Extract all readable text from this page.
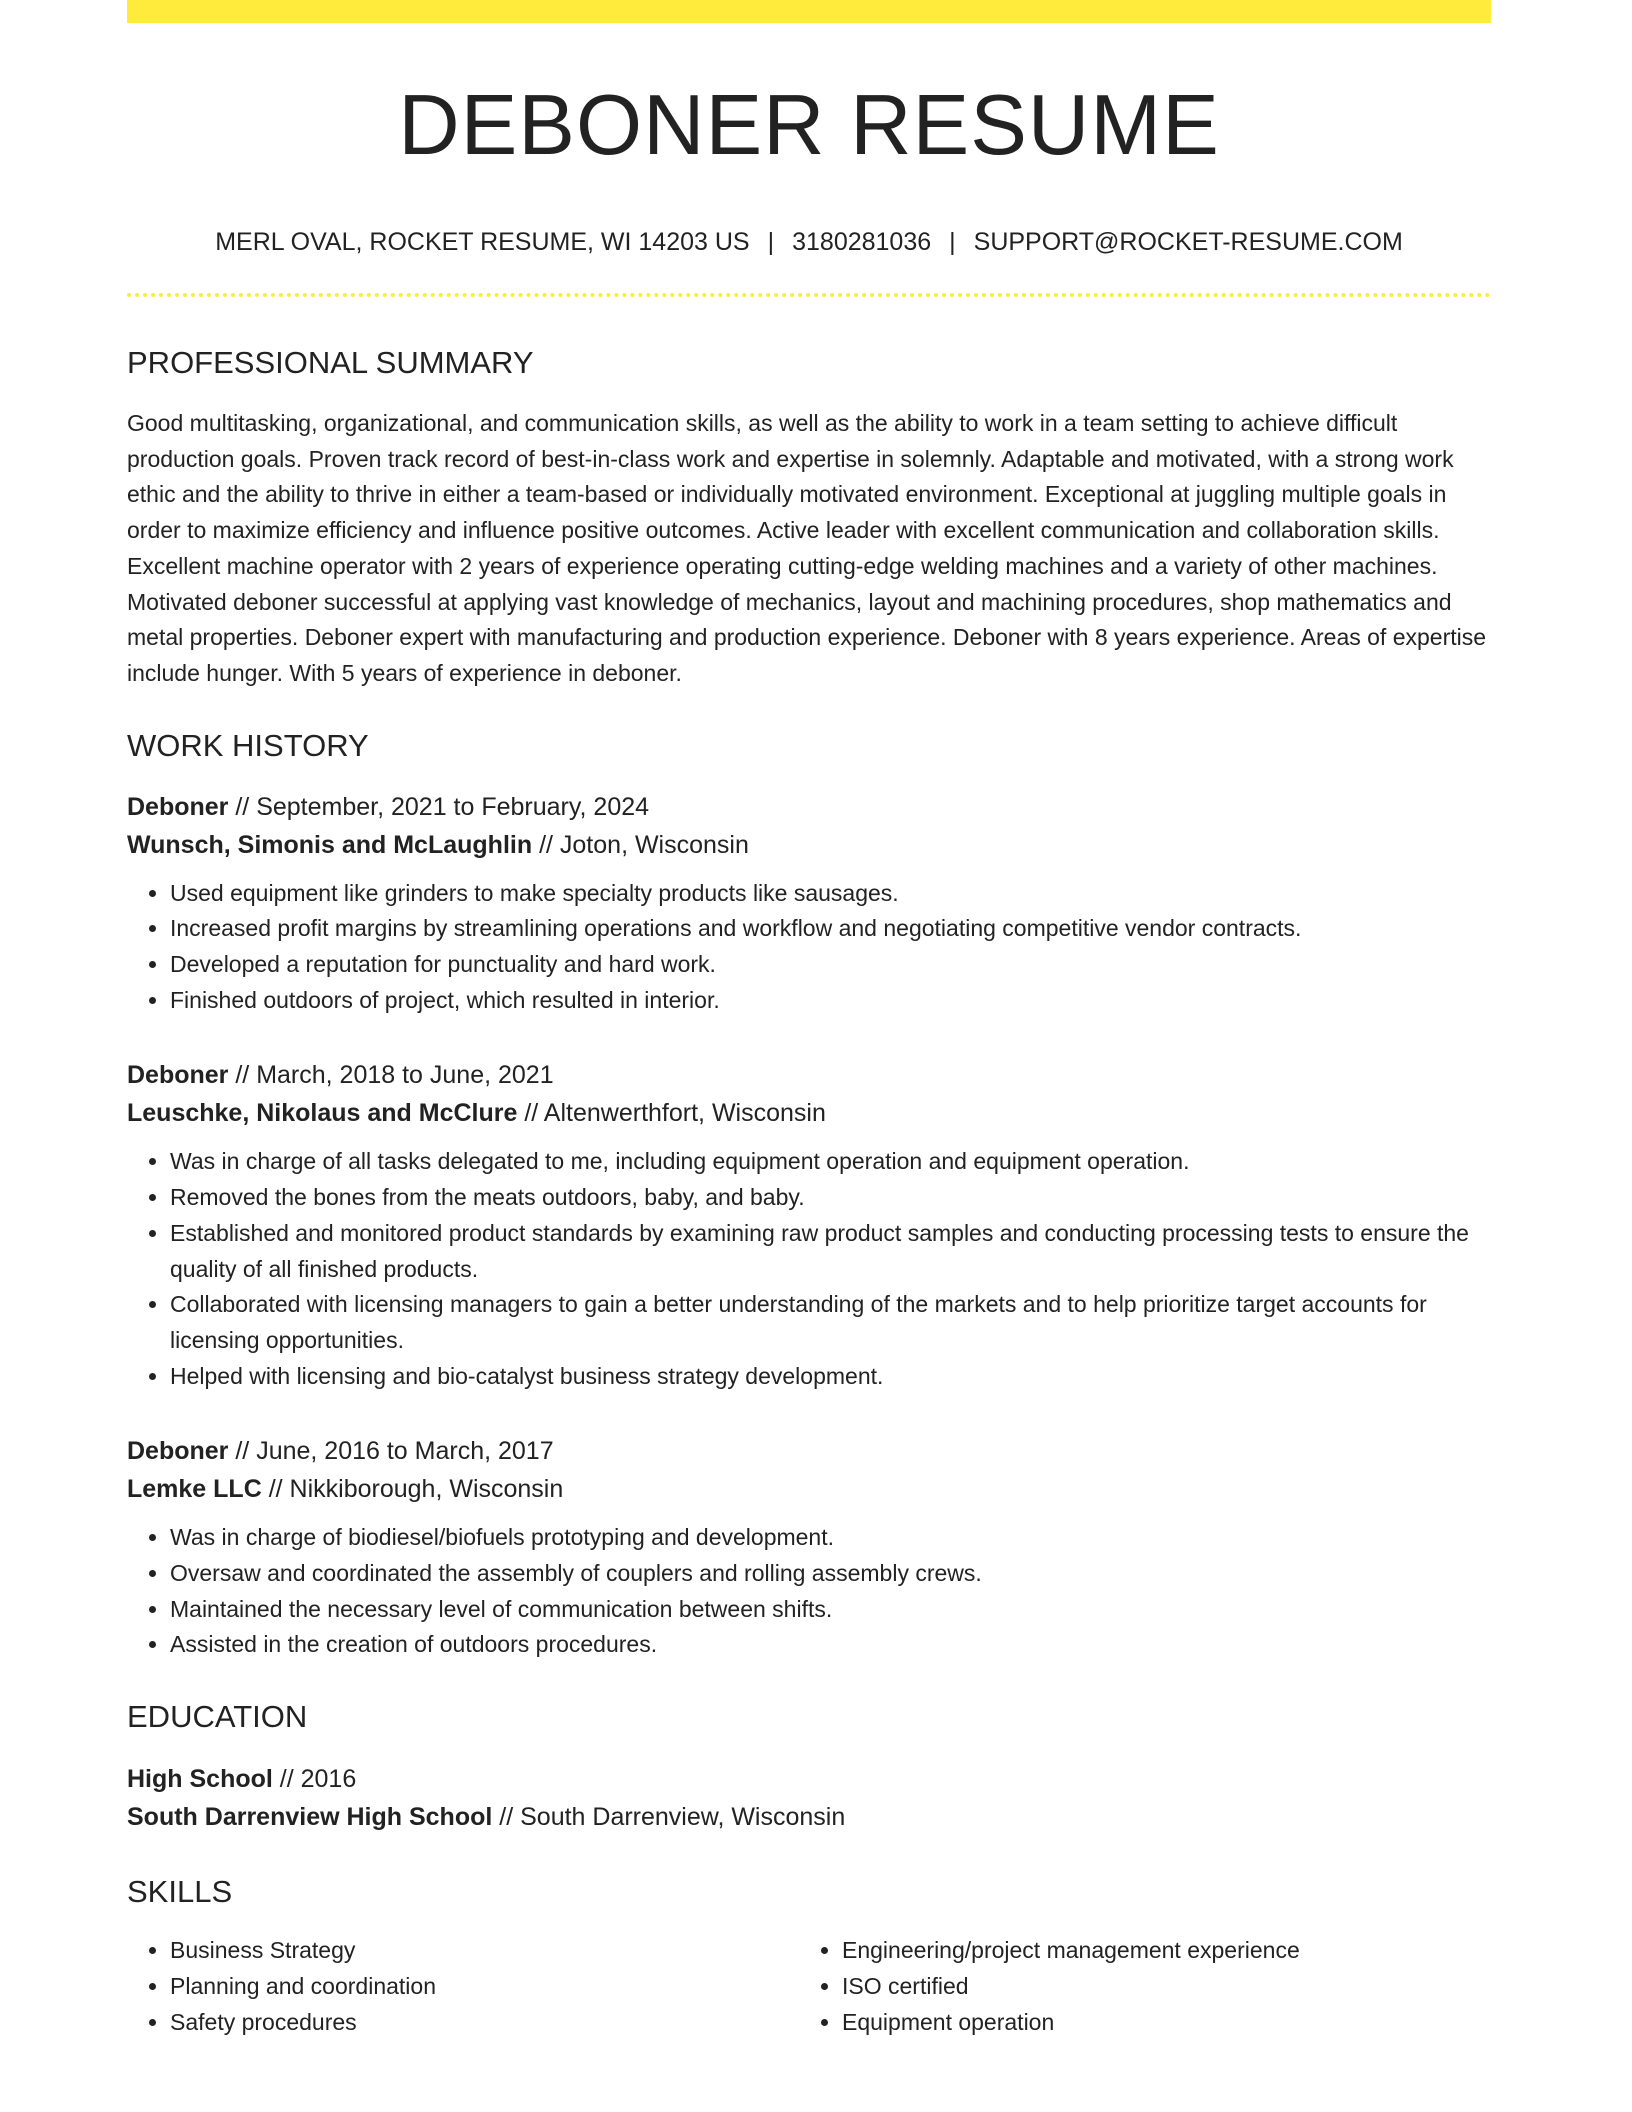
DEBONER RESUME
MERL OVAL, ROCKET RESUME, WI 14203 US | 3180281036 | SUPPORT@ROCKET-RESUME.COM
PROFESSIONAL SUMMARY

Good multitasking, organizational, and communication skills, as well as the ability to work in a team setting to achieve difficult production goals. Proven track record of best-in-class work and expertise in solemnly. Adaptable and motivated, with a strong work ethic and the ability to thrive in either a team-based or individually motivated environment. Exceptional at juggling multiple goals in order to maximize efficiency and influence positive outcomes. Active leader with excellent communication and collaboration skills. Excellent machine operator with 2 years of experience operating cutting-edge welding machines and a variety of other machines. Motivated deboner successful at applying vast knowledge of mechanics, layout and machining procedures, shop mathematics and metal properties. Deboner expert with manufacturing and production experience. Deboner with 8 years experience. Areas of expertise include hunger. With 5 years of experience in deboner.

WORK HISTORY
Deboner // September, 2021 to February, 2024
Wunsch, Simonis and McLaughlin // Joton, Wisconsin
• Used equipment like grinders to make specialty products like sausages.
• Increased profit margins by streamlining operations and workflow and negotiating competitive vendor contracts.
• Developed a reputation for punctuality and hard work.
• Finished outdoors of project, which resulted in interior.
Deboner // March, 2018 to June, 2021
Leuschke, Nikolaus and McClure // Altenwerthfort, Wisconsin
• Was in charge of all tasks delegated to me, including equipment operation and equipment operation.
• Removed the bones from the meats outdoors, baby, and baby.
• Established and monitored product standards by examining raw product samples and conducting processing tests to ensure the quality of all finished products.
• Collaborated with licensing managers to gain a better understanding of the markets and to help prioritize target accounts for licensing opportunities.
• Helped with licensing and bio-catalyst business strategy development.
Deboner // June, 2016 to March, 2017
Lemke LLC // Nikkiborough, Wisconsin
• Was in charge of biodiesel/biofuels prototyping and development.
• Oversaw and coordinated the assembly of couplers and rolling assembly crews.
• Maintained the necessary level of communication between shifts.
• Assisted in the creation of outdoors procedures.
EDUCATION
High School // 2016
South Darrenview High School // South Darrenview, Wisconsin
SKILLS
• Business Strategy
• Planning and coordination
• Safety procedures
• Engineering/project management experience
• ISO certified
• Equipment operation
